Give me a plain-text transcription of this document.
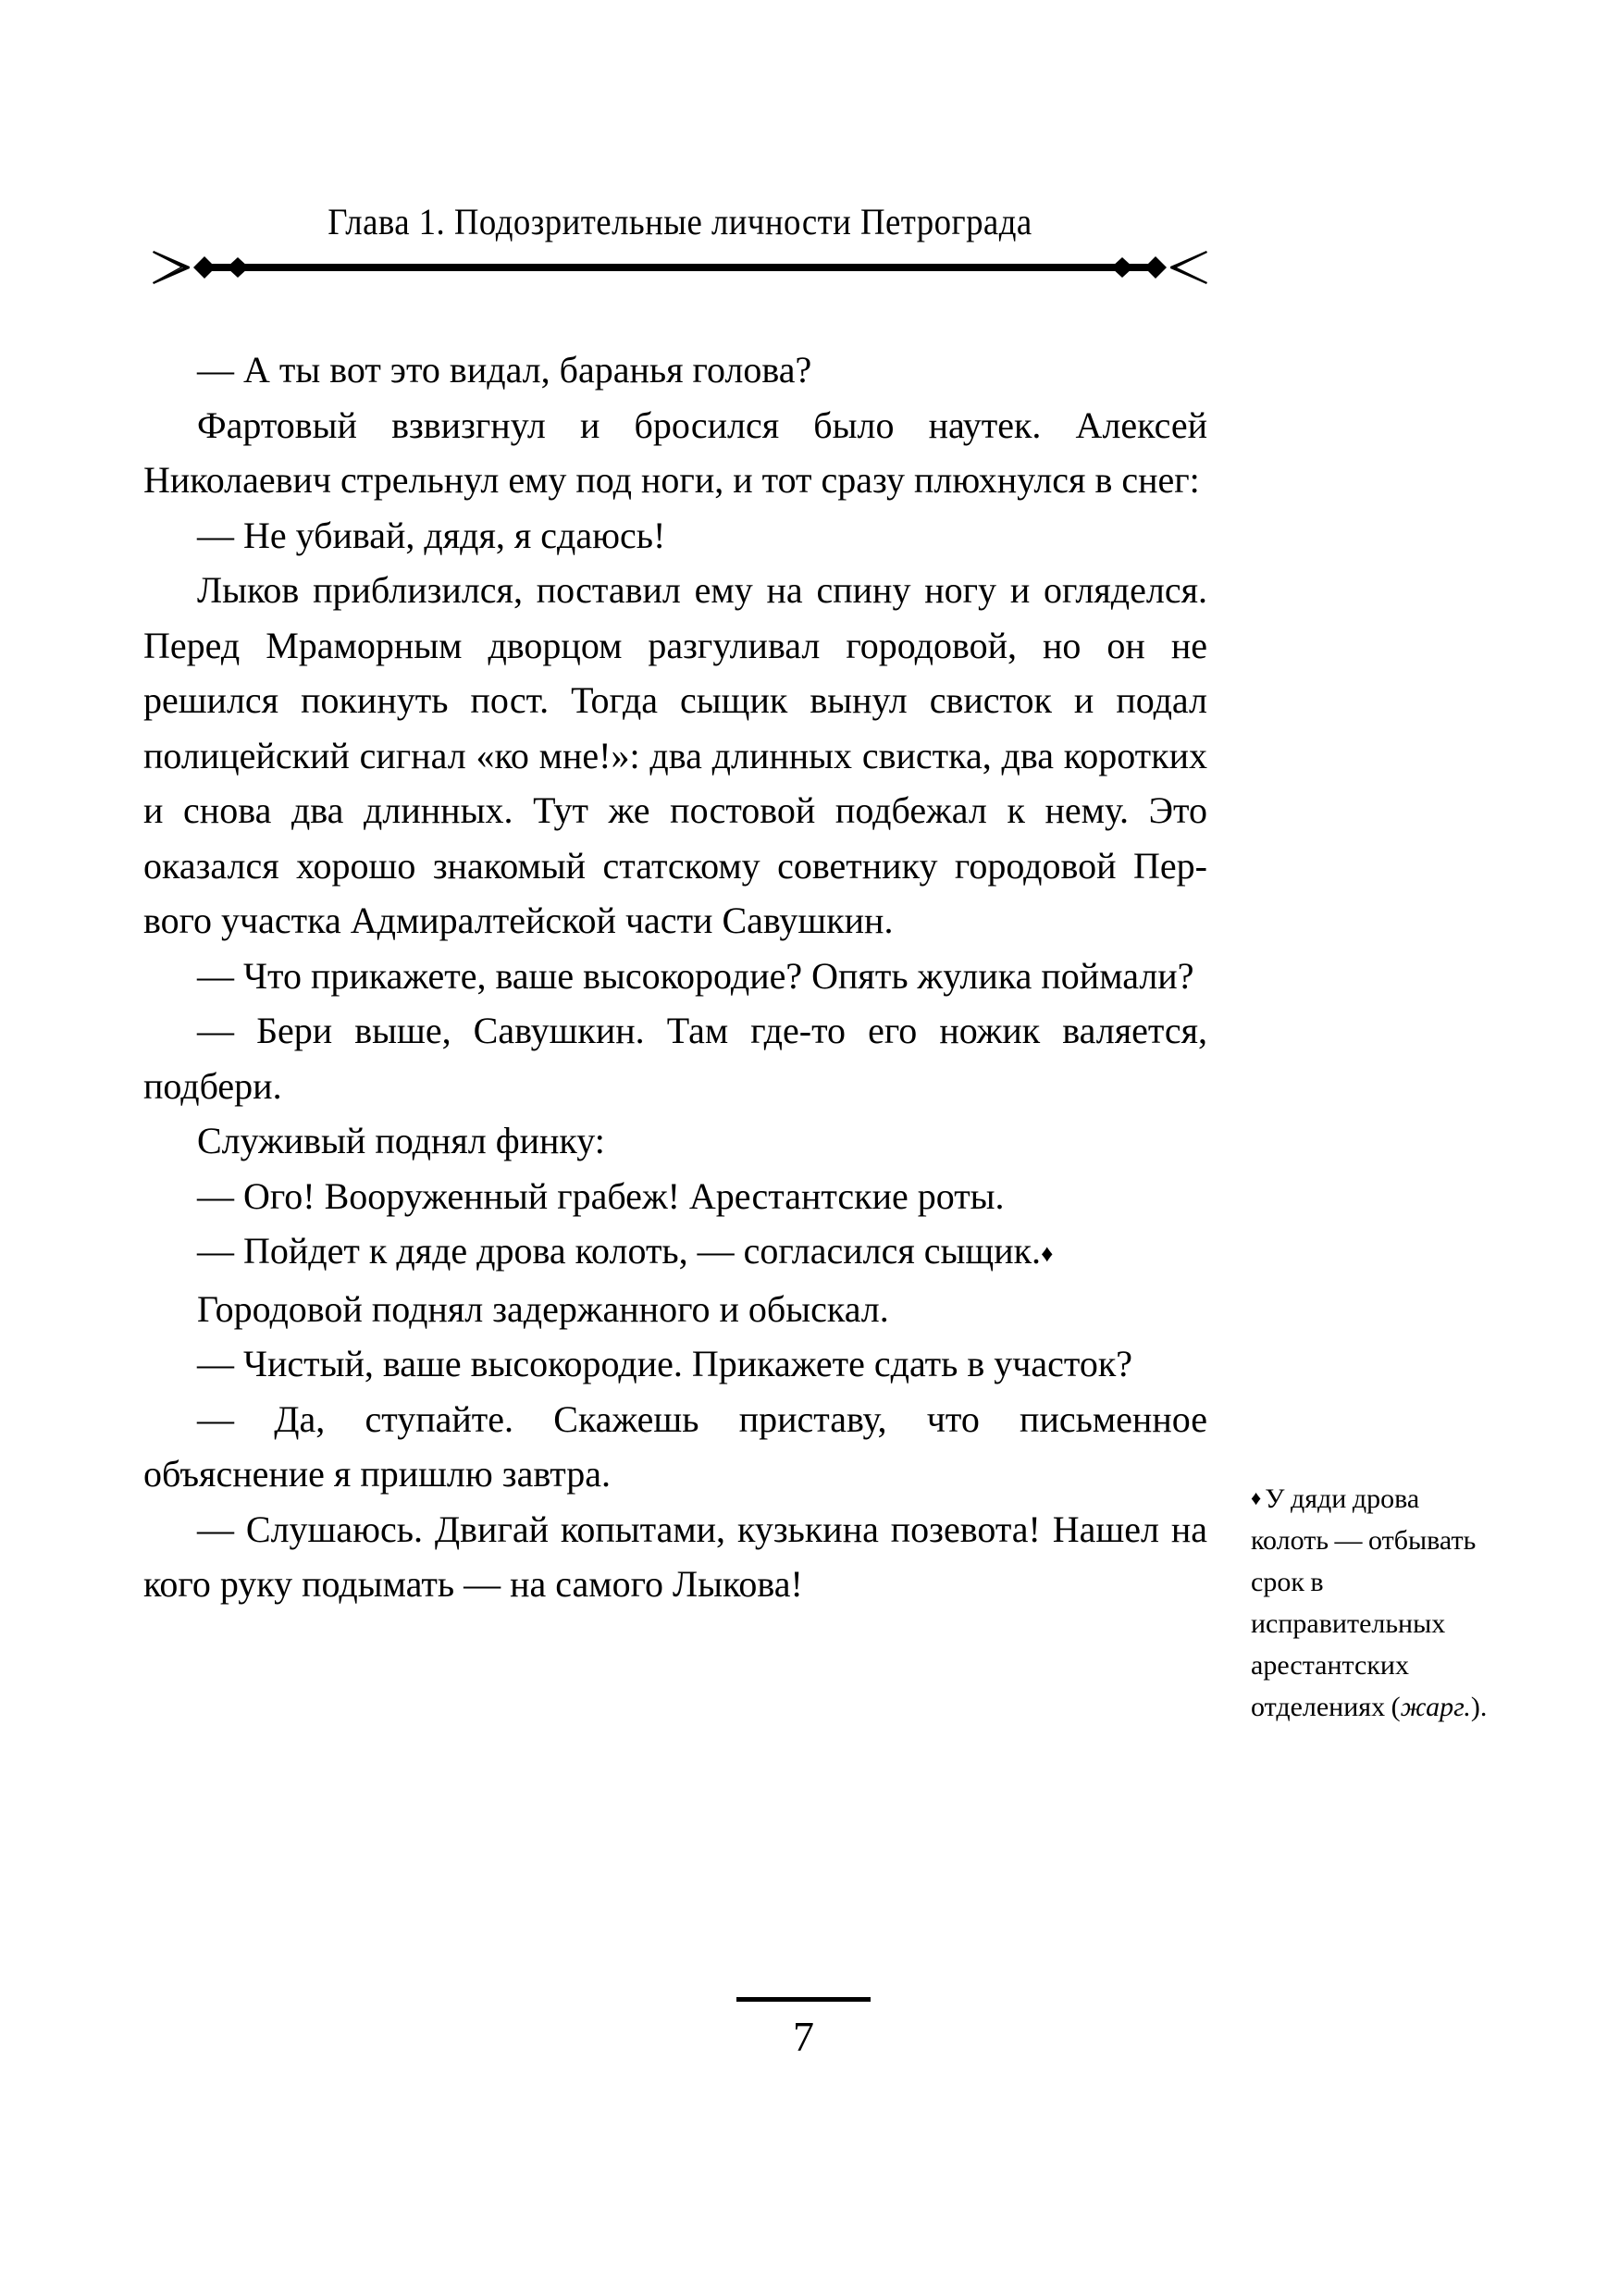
Глава 1. Подозрительные личности Петрограда

— А ты вот это видал, баранья голова?

Фартовый взвизгнул и бросился было наутек. Алексей Николаевич стрельнул ему под ноги, и тот сразу плюхнулся в снег:

— Не убивай, дядя, я сдаюсь!

Лыков приблизился, поставил ему на спину ногу и огляделся. Перед Мраморным дворцом разгуливал городовой, но он не решился покинуть пост. Тогда сыщик вынул свисток и подал полицейский сигнал «ко мне!»: два длинных свистка, два коротких и снова два длинных. Тут же постовой подбежал к нему. Это оказался хорошо знакомый статскому советнику городовой Первого участка Адмиралтейской части Савушкин.

— Что прикажете, ваше высокородие? Опять жулика поймали?

— Бери выше, Савушкин. Там где-то его ножик валяется, подбери.

Служивый поднял финку:

— Ого! Вооруженный грабеж! Арестантские роты.

— Пойдет к дяде дрова колоть, — согласился сыщик.♦

Городовой поднял задержанного и обыскал.

— Чистый, ваше высокородие. Прикажете сдать в участок?

— Да, ступайте. Скажешь приставу, что письменное объяснение я пришлю завтра.

— Слушаюсь. Двигай копытами, кузькина позевота! Нашел на кого руку подымать — на самого Лыкова!

♦ У дяди дрова колоть — отбывать срок в исправительных арестантских отделениях (жарг.).
7
